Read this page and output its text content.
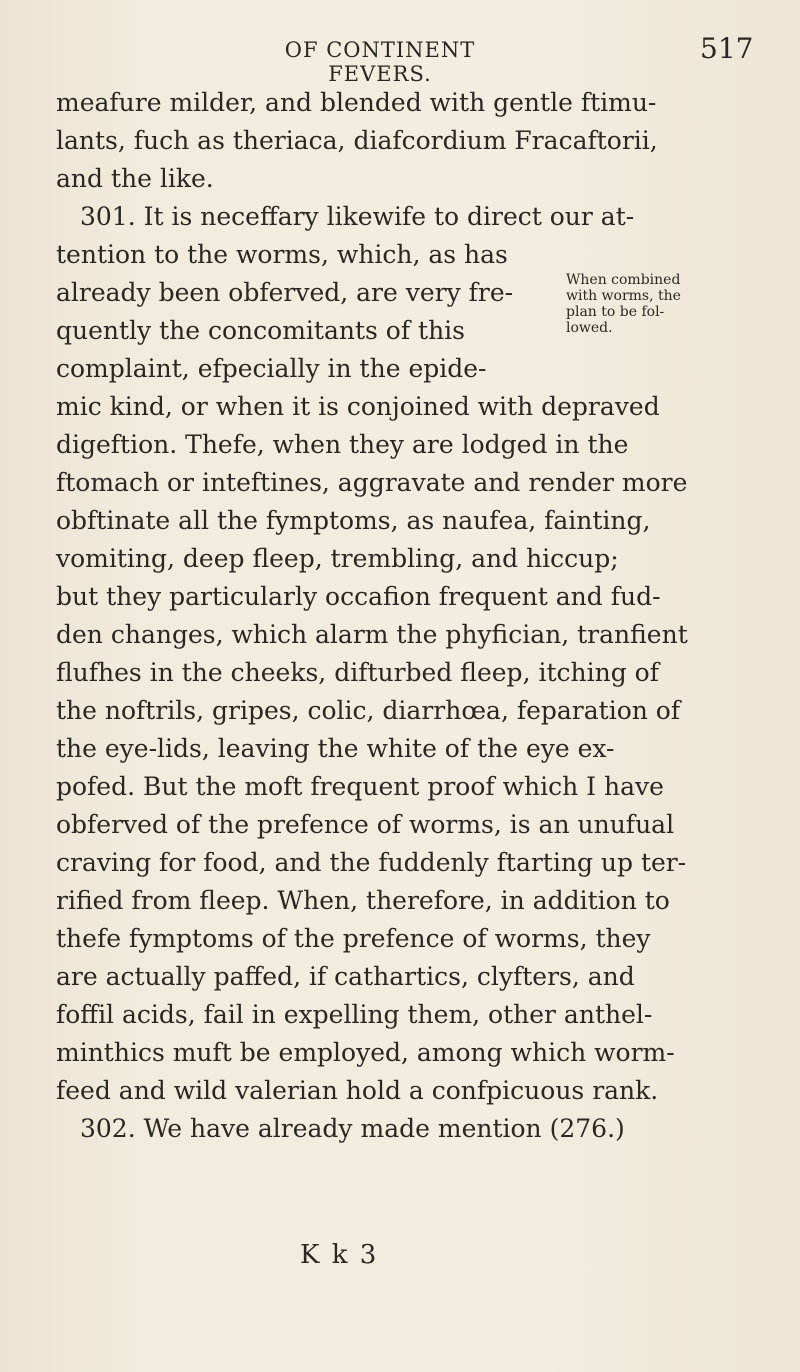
OF CONTINENT FEVERS.
517
meafure milder, and blended with gentle ftimu-
lants, fuch as theriaca, diafcordium Fracaftorii,
and the like.
301. It is neceffary likewife to direct our at-
tention to the worms, which, as has
already been obferved, are very fre-
quently the concomitants of this
complaint, efpecially in the epide-
mic kind, or when it is conjoined with depraved
digeftion. Thefe, when they are lodged in the
ftomach or inteftines, aggravate and render more
obftinate all the fymptoms, as naufea, fainting,
vomiting, deep fleep, trembling, and hiccup;
but they particularly occafion frequent and fud-
den changes, which alarm the phyfician, tranfient
flufhes in the cheeks, difturbed fleep, itching of
the noftrils, gripes, colic, diarrhœa, feparation of
the eye-lids, leaving the white of the eye ex-
pofed. But the moft frequent proof which I have
obferved of the prefence of worms, is an unufual
craving for food, and the fuddenly ftarting up ter-
rified from fleep. When, therefore, in addition to
thefe fymptoms of the prefence of worms, they
are actually paffed, if cathartics, clyfters, and
foffil acids, fail in expelling them, other anthel-
minthics muft be employed, among which worm-
feed and wild valerian hold a confpicuous rank.
302. We have already made mention (276.)
When combined
with worms, the
plan to be fol-
lowed.
K k 3
